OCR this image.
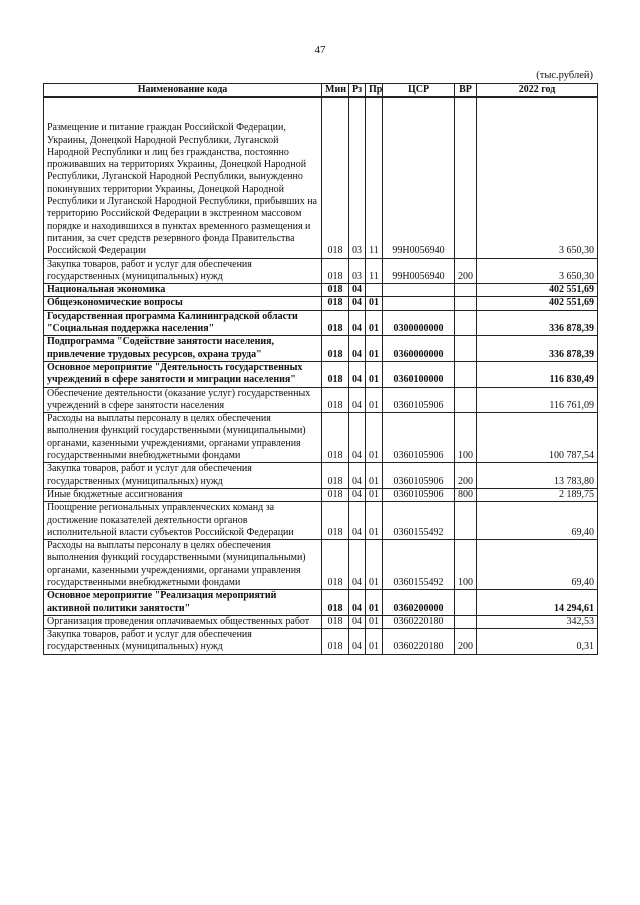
47
(тыс.рублей)
Наименование кода	Мин	Рз	Пр	ЦСР	ВР	2022 год
Размещение и питание граждан Российской Федерации, Украины, Донецкой Народной Республики, Луганской Народной Республики и лиц без гражданства, постоянно проживавших на территориях Украины, Донецкой Народной Республики, Луганской Народной Республики, вынужденно покинувших территории Украины, Донецкой Народной Республики и Луганской Народной Республики, прибывших на территорию Российской Федерации в экстренном массовом порядке и находившихся в пунктах временного размещения и питания, за счет средств резервного фонда Правительства Российской Федерации	018	03	11	99Н0056940		3 650,30
Закупка товаров, работ и услуг для обеспечения государственных (муниципальных) нужд	018	03	11	99Н0056940	200	3 650,30
Национальная экономика	018	04				402 551,69
Общеэкономические вопросы	018	04	01			402 551,69
Государственная программа Калининградской области "Социальная поддержка населения"	018	04	01	0300000000		336 878,39
Подпрограмма "Содействие занятости населения, привлечение трудовых ресурсов, охрана труда"	018	04	01	0360000000		336 878,39
Основное мероприятие "Деятельность государственных учреждений в сфере занятости и миграции населения"	018	04	01	0360100000		116 830,49
Обеспечение деятельности (оказание услуг) государственных учреждений в сфере занятости населения	018	04	01	0360105906		116 761,09
Расходы на выплаты персоналу в целях обеспечения выполнения функций государственными (муниципальными) органами, казенными учреждениями, органами управления государственными внебюджетными фондами	018	04	01	0360105906	100	100 787,54
Закупка товаров, работ и услуг для обеспечения государственных (муниципальных) нужд	018	04	01	0360105906	200	13 783,80
Иные бюджетные ассигнования	018	04	01	0360105906	800	2 189,75
Поощрение региональных управленческих команд за достижение показателей деятельности органов исполнительной власти субъектов Российской Федерации	018	04	01	0360155492		69,40
Расходы на выплаты персоналу в целях обеспечения выполнения функций государственными (муниципальными) органами, казенными учреждениями, органами управления государственными внебюджетными фондами	018	04	01	0360155492	100	69,40
Основное мероприятие "Реализация мероприятий активной политики занятости"	018	04	01	0360200000		14 294,61
Организация проведения оплачиваемых общественных работ	018	04	01	0360220180		342,53
Закупка товаров, работ и услуг для обеспечения государственных (муниципальных) нужд	018	04	01	0360220180	200	0,31
